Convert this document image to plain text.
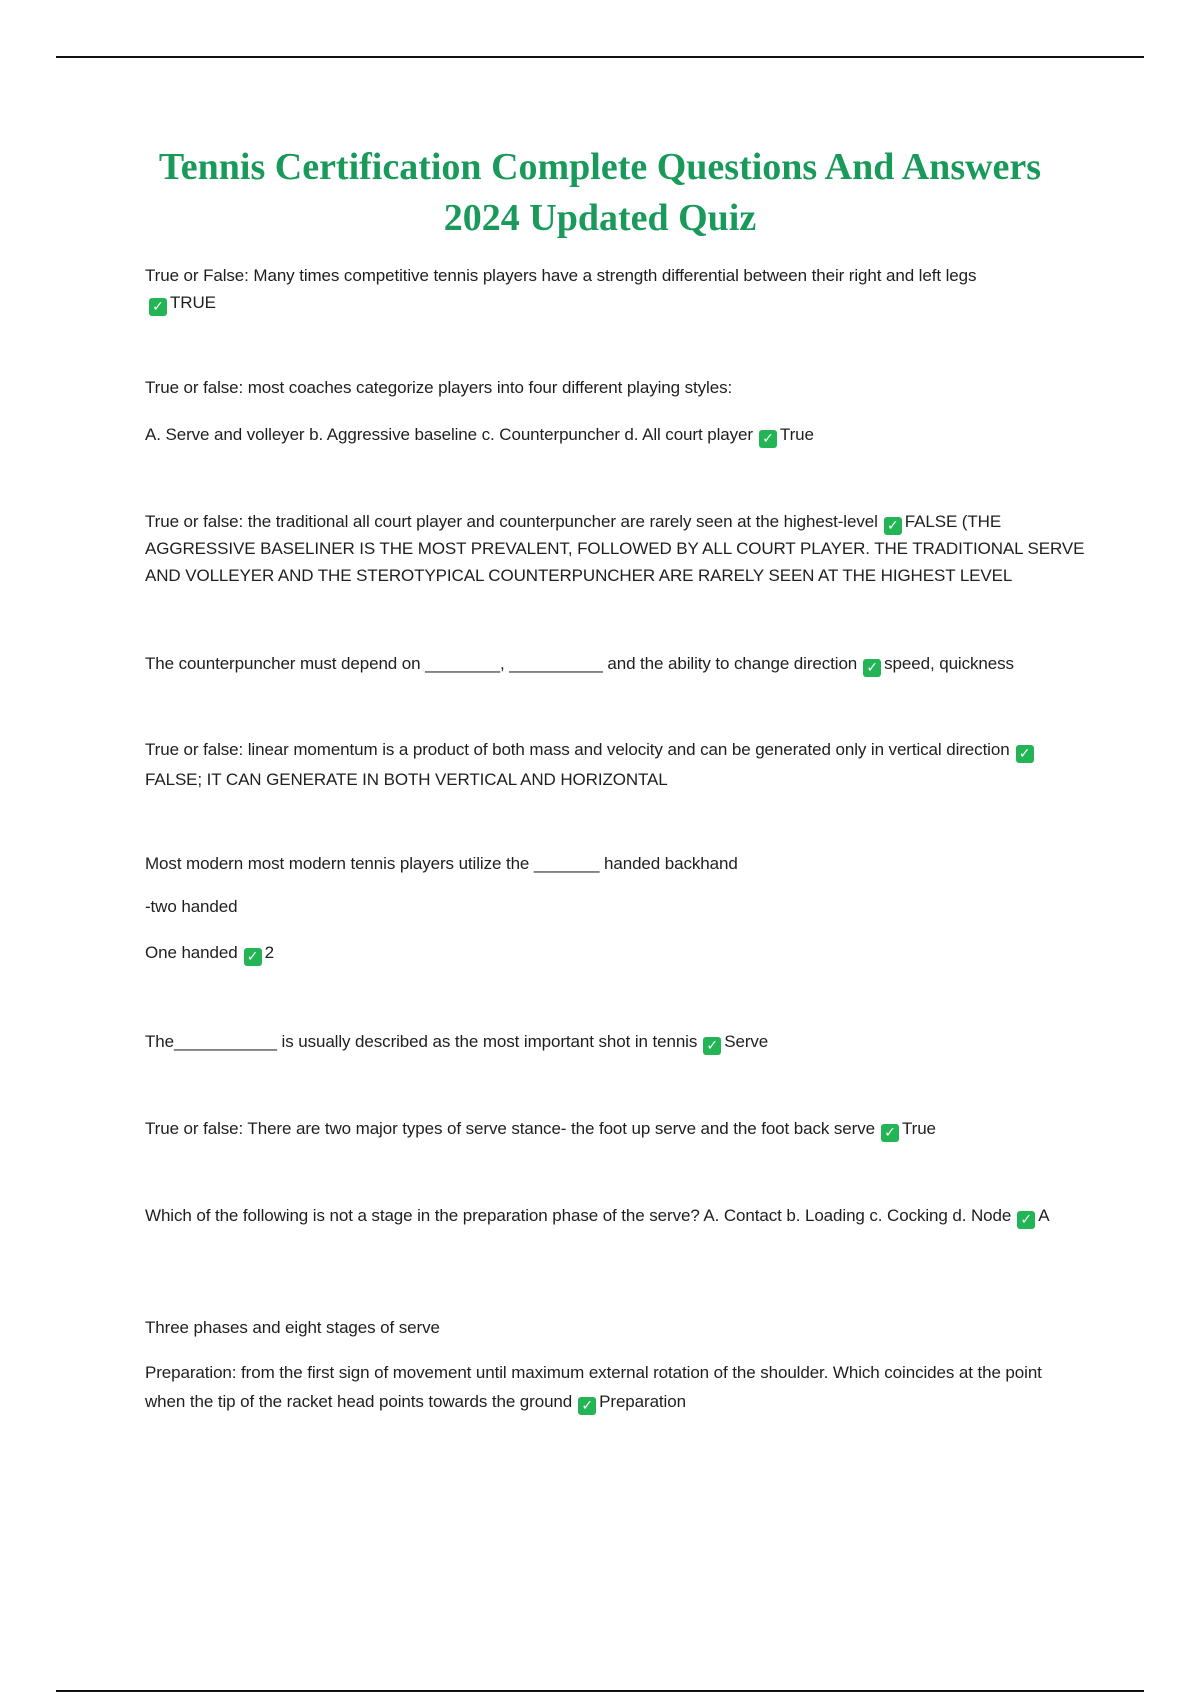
Tennis Certification Complete Questions And Answers
2024 Updated Quiz
True or False: Many times competitive tennis players have a strength differential between their right and left legs
✓ TRUE
True or false: most coaches categorize players into four different playing styles:
A. Serve and volleyer b. Aggressive baseline c. Counterpuncher d. All court player ✓ True
True or false: the traditional all court player and counterpuncher are rarely seen at the highest-level ✓ FALSE (THE AGGRESSIVE BASELINER IS THE MOST PREVALENT, FOLLOWED BY ALL COURT PLAYER. THE TRADITIONAL SERVE AND VOLLEYER AND THE STEROTYPICAL COUNTERPUNCHER ARE RARELY SEEN AT THE HIGHEST LEVEL
The counterpuncher must depend on ________, __________ and the ability to change direction ✓ speed, quickness
True or false: linear momentum is a product of both mass and velocity and can be generated only in vertical direction ✓FALSE; IT CAN GENERATE IN BOTH VERTICAL AND HORIZONTAL
Most modern most modern tennis players utilize the _______ handed backhand
-two handed
One handed ✓ 2
The___________ is usually described as the most important shot in tennis ✓ Serve
True or false: There are two major types of serve stance- the foot up serve and the foot back serve ✓ True
Which of the following is not a stage in the preparation phase of the serve? A. Contact b. Loading c. Cocking d. Node ✓ A
Three phases and eight stages of serve
Preparation: from the first sign of movement until maximum external rotation of the shoulder. Which coincides at the point when the tip of the racket head points towards the ground ✓ Preparation
